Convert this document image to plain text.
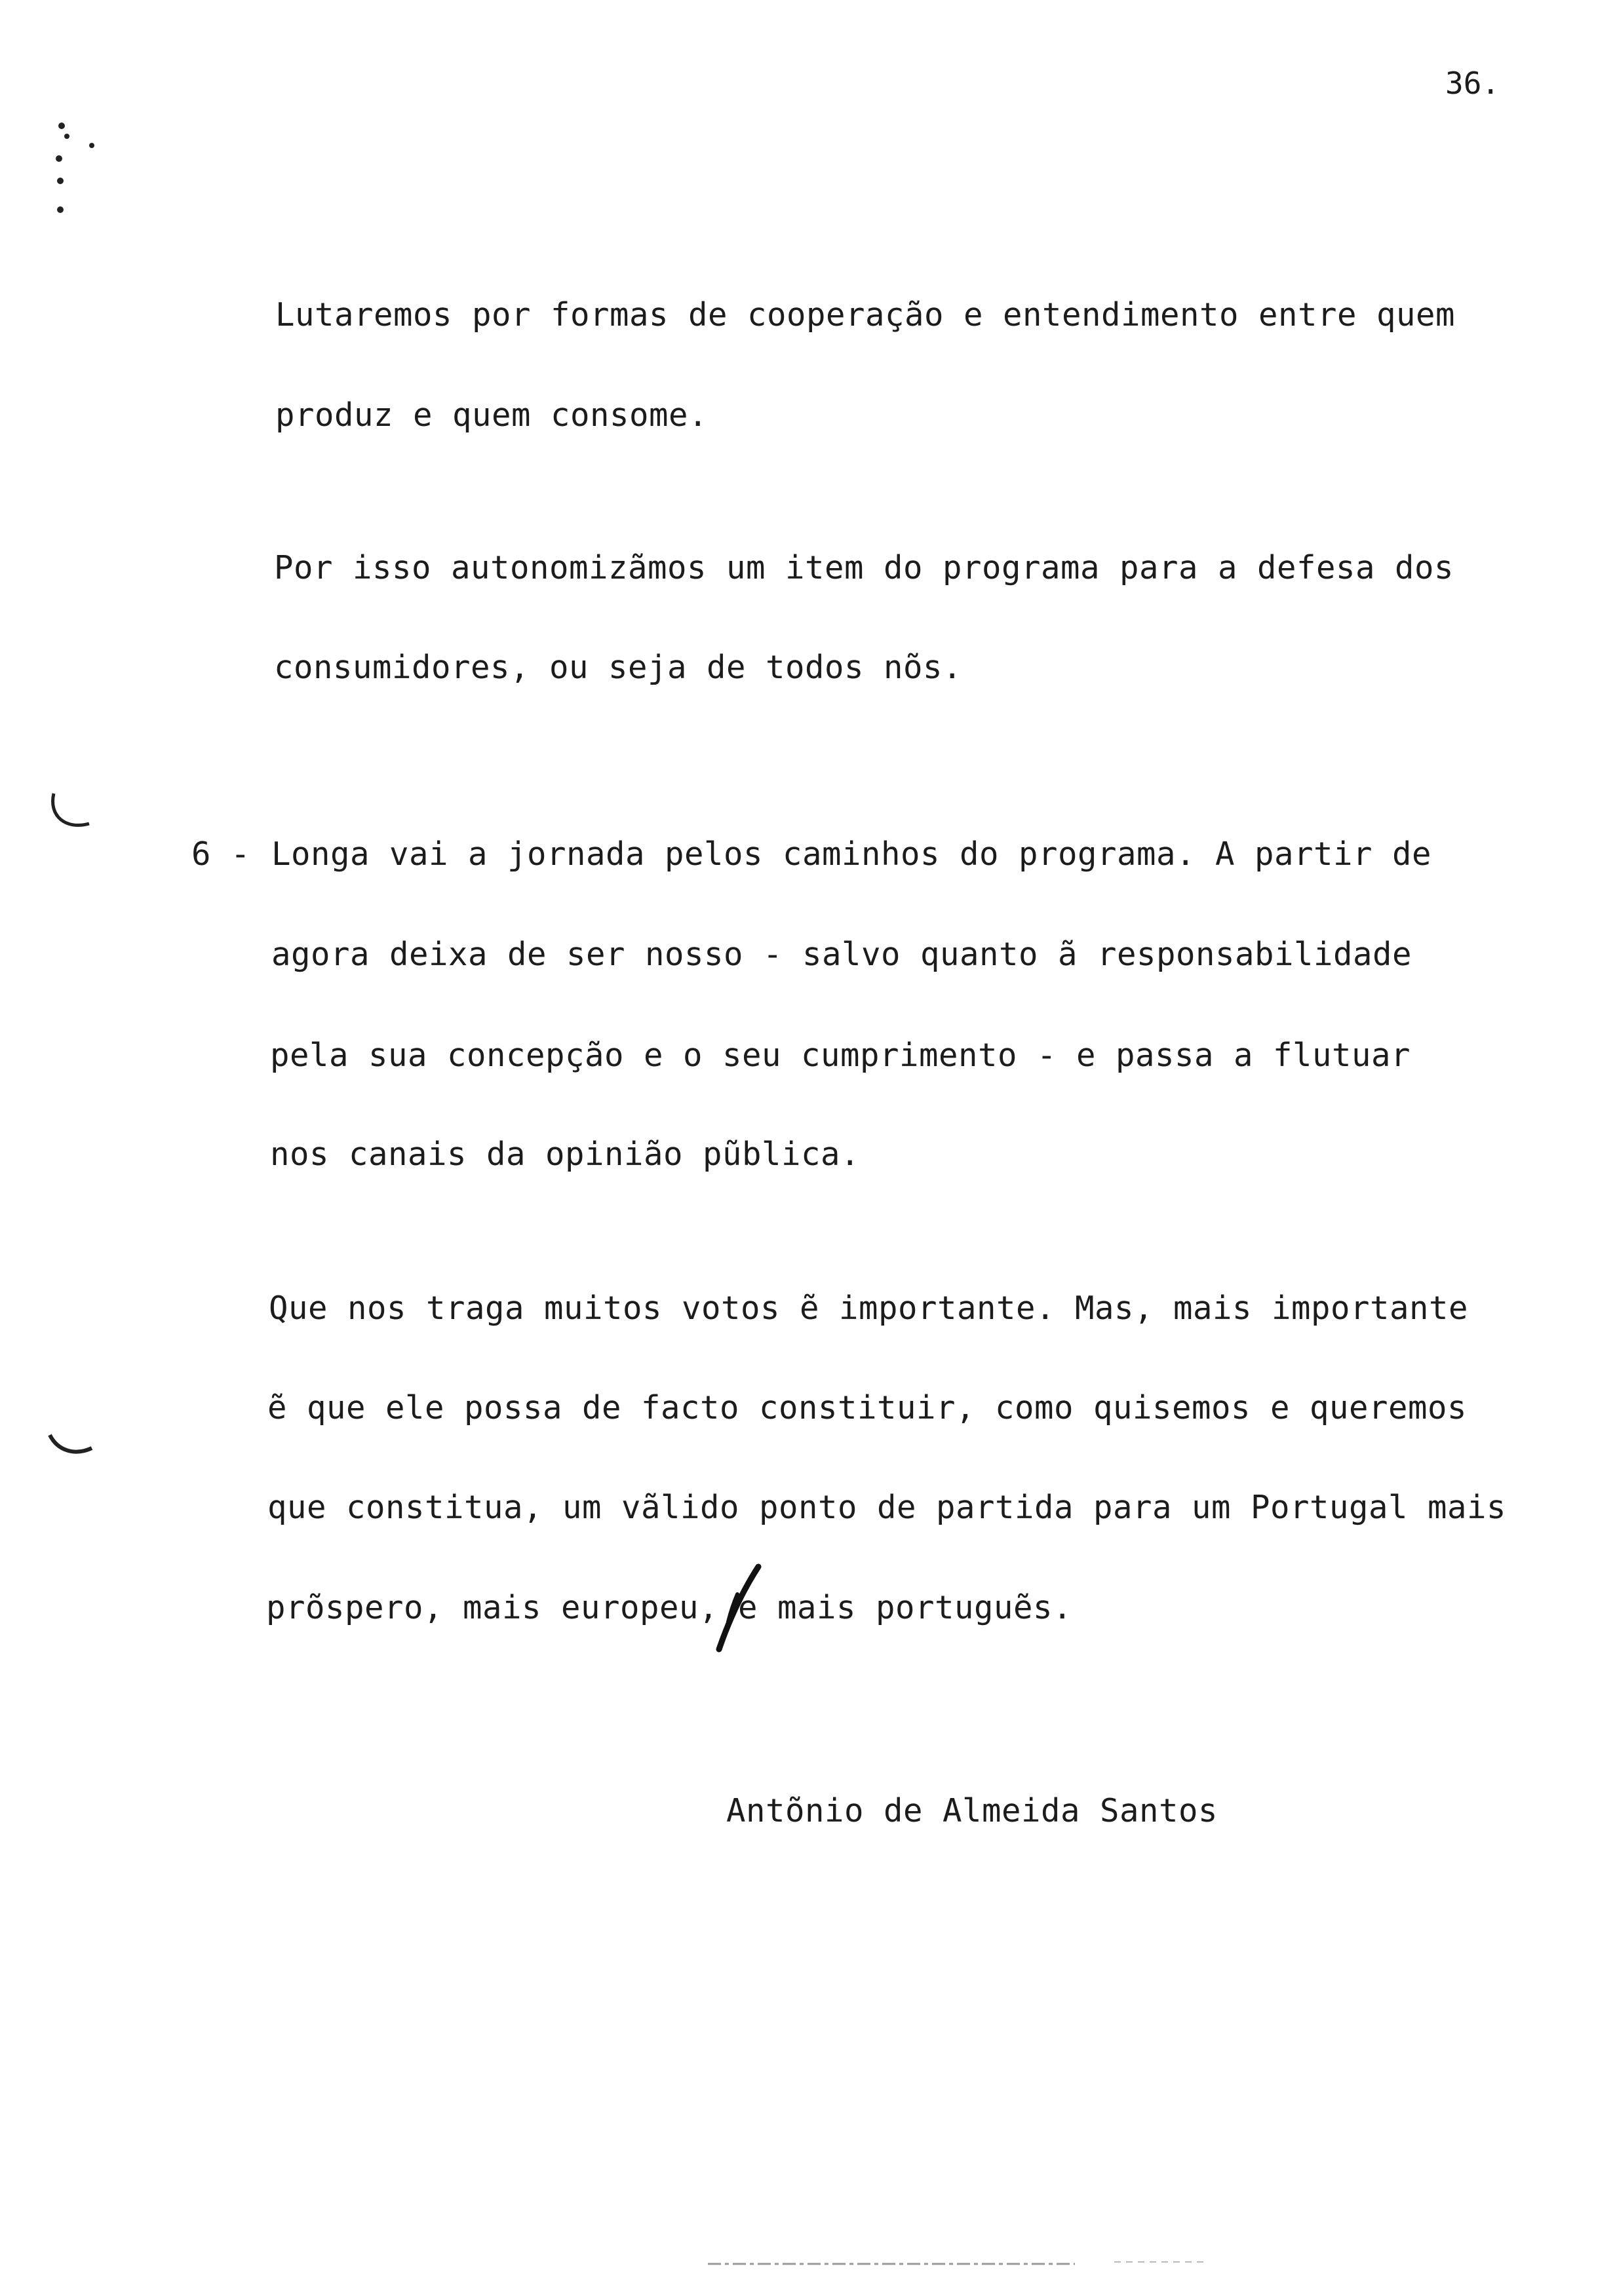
36.
Lutaremos por formas de cooperação e entendimento entre quem
produz e quem consome.
Por isso autonomizãmos um item do programa para a defesa dos
consumidores, ou seja de todos nõs.
6 - Longa vai a jornada pelos caminhos do programa. A partir de
agora deixa de ser nosso - salvo quanto ã responsabilidade
pela sua concepção e o seu cumprimento - e passa a flutuar
nos canais da opinião pũblica.
Que nos traga muitos votos ẽ importante. Mas, mais importante
ẽ que ele possa de facto constituir, como quisemos e queremos
que constitua, um vãlido ponto de partida para um Portugal mais
prõspero, mais europeu, e mais portuguẽs.
Antõnio de Almeida Santos
